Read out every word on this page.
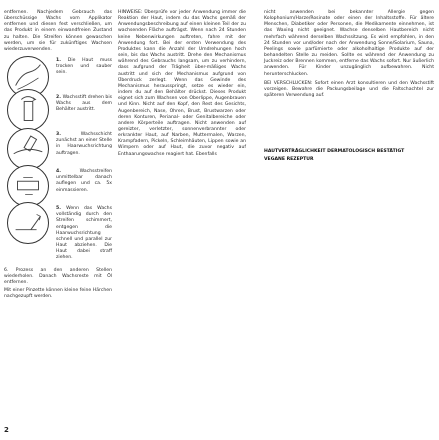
entfernen. Nachjedem Gebrauch das überschüssige Wachs vom Applikator entfernen und diesen fest verschließen, um das Produkt in einem einwandfreien Zustand zu halten. Die Streifen können gewaschen werden, um sie für zukünftiges Wachsen wiederzuverwenden.

1. Die Haut muss trocken und sauber sein.
2. Wachsstift drehen bis Wachs aus dem Behälter austritt.
3. Wachsschicht zunächst an einer Stelle in Haarwuchsrichtung auftragen.
4. Wachsstreifen unmittelbar danach auflegen und ca. 5x einmassieren.
5. Wenn das Wachs vollständig durch den Streifen schimmert, entgegen die Haarwuchsrichtung schnell und parallel zur Haut abziehen. Die Haut dabei straff ziehen.

6. Prozess an den anderen Stellen wiederholen. Danach Wachsreste mit Öl entfernen.

Mit einer Pinzette können kleine feine Härchen nachgezupft werden.

HINWEISE: Überprüfe vor jeder Anwendung immer die Reaktion der Haut, indem du das Wachs gemäß der Anwendungsbeschreibung auf einen kleinen Teil der zu wachsenden Fläche aufträgst. Wenn nach 24 Stunden keine Nebenwirkungen auftreten, fahre mit der Anwendung fort. Bei der ersten Verwendung des Produktes kann die Anzahl der Umdrehungen hoch sein, bis das Wachs austritt. Drehe den Mechanismus während des Gebrauchs langsam, um zu verhindern, dass aufgrund der Trägheit über-mäßiges Wachs austritt und sich der Mechanismus aufgrund von Überdruck zerlegt. Wenn das Gewinde des Mechanismus herausspringt, setze es wieder ein, indem du auf den Behälter drückst. Dieses Produkt eignet sich zum Wachsen von Oberlippe, Augenbrauen und Kinn. Nicht auf den Kopf, den Rest des Gesichts, Augenbereich, Nase, Ohren, Brust, Brustwarzen oder deren Konturen, Perianal- oder Genitalbereiche oder andere Körperteile auftragen. Nicht anwenden auf gereizter, verletzter, sonnenverbrannter oder erkrankter Haut, auf Narben, Muttermalen, Warzen, Krampfadern, Pickeln, Schleimhäuten, Lippen sowie an Wimpern oder auf Haut, die zuvor negativ auf Enthaarungswachse reagiert hat. Ebenfalls

nicht anwenden bei bekannter Allergie gegen Kolophonium/Harze/Rosinate oder einen der Inhaltsstoffe. Für ältere Menschen, Diabetiker oder Personen, die Medikamente einnehmen, ist das Waxing nicht geeignet. Wachse denselben Hautbereich nicht mehrfach während derselben Wachssitzung. Es wird empfohlen, in den 24 Stunden vor und/oder nach der Anwendung Sonne/Solarium, Sauna, Peelings sowie parfümierte oder alkoholhaltige Produkte auf der behandelten Stelle zu meiden. Sollte es während der Anwendung zu Juckreiz oder Brennen kommen, entferne das Wachs sofort. Nur äußerlich anwenden. Für Kinder unzugänglich aufbewahren. Nicht herunterschlucken.

BEI VERSCHLUCKEN: Sofort einen Arzt konsultieren und den Wachsstift vorzeigen. Bewahre die Packungsbeilage und die Faltschachtel zur späteren Verwendung auf.

HAUTVERTRÄGLICHKEIT DERMATOLOGISCH BESTÄTIGT

VEGANE REZEPTUR

2
